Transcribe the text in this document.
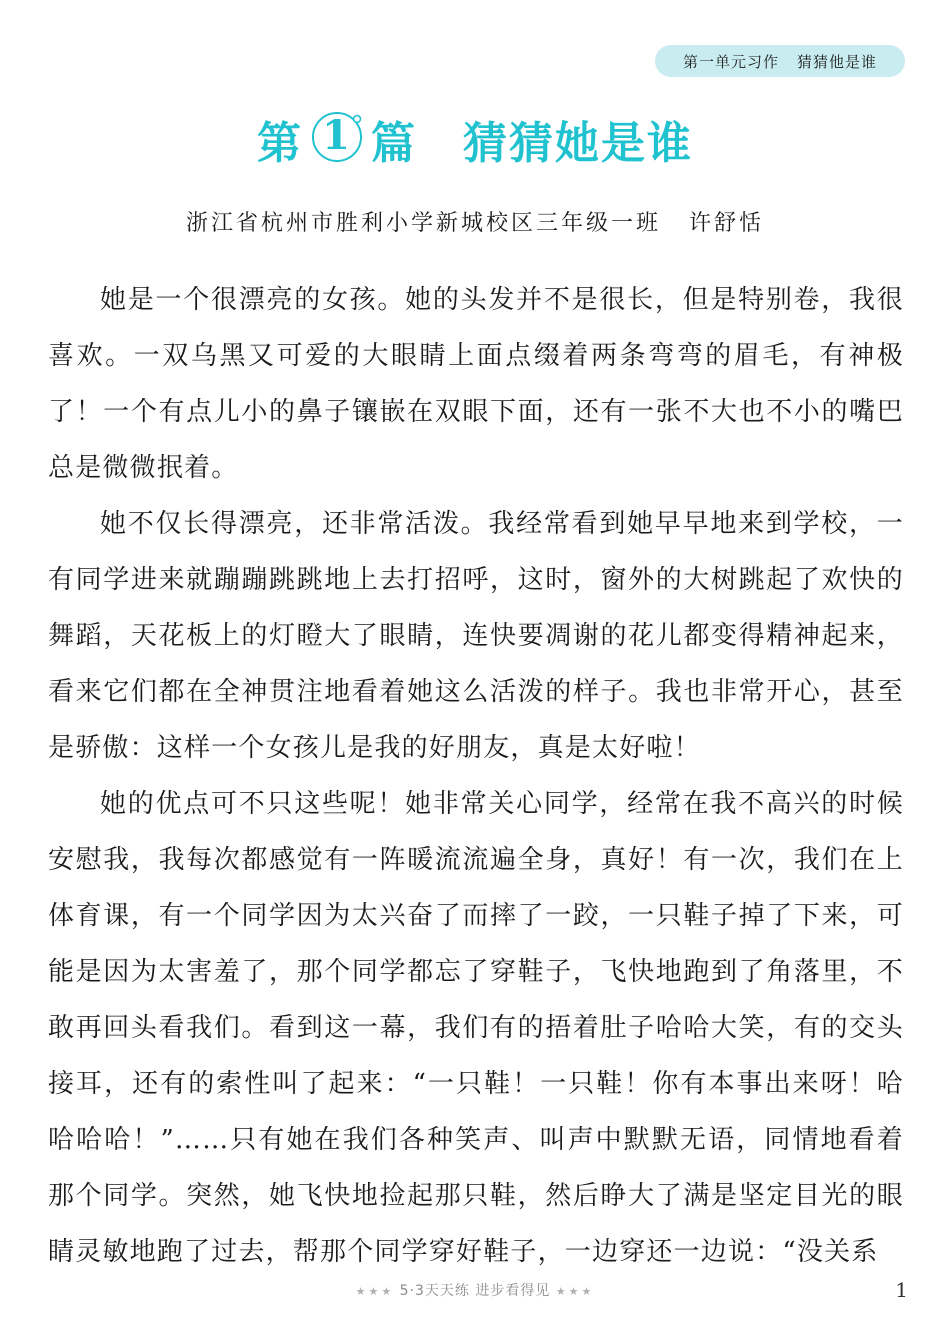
第一单元习作 猜猜他是谁
第 1 篇 猜猜她是谁
浙江省杭州市胜利小学新城校区三年级一班 许舒恬

她是一个很漂亮的女孩。她的头发并不是很长，但是特别卷，我很喜欢。一双乌黑又可爱的大眼睛上面点缀着两条弯弯的眉毛，有神极了！一个有点儿小的鼻子镶嵌在双眼下面，还有一张不大也不小的嘴巴总是微微抿着。

她不仅长得漂亮，还非常活泼。我经常看到她早早地来到学校，一有同学进来就蹦蹦跳跳地上去打招呼，这时，窗外的大树跳起了欢快的舞蹈，天花板上的灯瞪大了眼睛，连快要凋谢的花儿都变得精神起来，看来它们都在全神贯注地看着她这么活泼的样子。我也非常开心，甚至是骄傲：这样一个女孩儿是我的好朋友，真是太好啦！

她的优点可不只这些呢！她非常关心同学，经常在我不高兴的时候安慰我，我每次都感觉有一阵暖流流遍全身，真好！有一次，我们在上体育课，有一个同学因为太兴奋了而摔了一跤，一只鞋子掉了下来，可能是因为太害羞了，那个同学都忘了穿鞋子，飞快地跑到了角落里，不敢再回头看我们。看到这一幕，我们有的捂着肚子哈哈大笑，有的交头接耳，还有的索性叫了起来：“一只鞋！一只鞋！你有本事出来呀！哈哈哈哈！”……只有她在我们各种笑声、叫声中默默无语，同情地看着那个同学。突然，她飞快地捡起那只鞋，然后睁大了满是坚定目光的眼睛灵敏地跑了过去，帮那个同学穿好鞋子，一边穿还一边说：“没关系

★★★ 5·3天天练 进步看得见 ★★★	1
